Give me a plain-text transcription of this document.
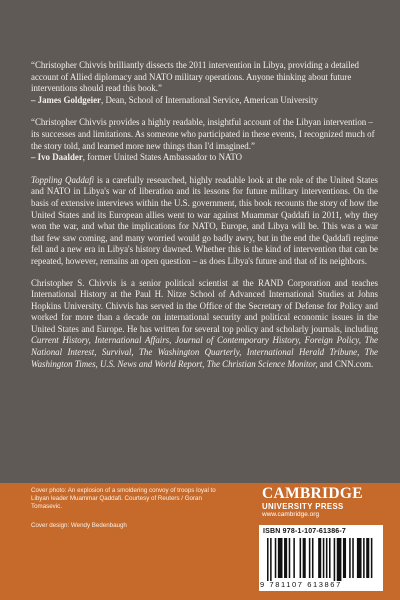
“Christopher Chivvis brilliantly dissects the 2011 intervention in Libya, providing a detailed account of Allied diplomacy and NATO military operations. Anyone thinking about future interventions should read this book.”
– James Goldgeier, Dean, School of International Service, American University

“Christopher Chivvis provides a highly readable, insightful account of the Libyan intervention – its successes and limitations. As someone who participated in these events, I recognized much of the story told, and learned more new things than I'd imagined.”
– Ivo Daalder, former United States Ambassador to NATO

Toppling Qaddafi is a carefully researched, highly readable look at the role of the United States and NATO in Libya's war of liberation and its lessons for future military interventions. On the basis of extensive interviews within the U.S. government, this book recounts the story of how the United States and its European allies went to war against Muammar Qaddafi in 2011, why they won the war, and what the implications for NATO, Europe, and Libya will be. This was a war that few saw coming, and many worried would go badly awry, but in the end the Qaddafi regime fell and a new era in Libya's history dawned. Whether this is the kind of intervention that can be repeated, however, remains an open question – as does Libya's future and that of its neighbors.

Christopher S. Chivvis is a senior political scientist at the RAND Corporation and teaches International History at the Paul H. Nitze School of Advanced International Studies at Johns Hopkins University. Chivvis has served in the Office of the Secretary of Defense for Policy and worked for more than a decade on international security and political economic issues in the United States and Europe. He has written for several top policy and scholarly journals, including Current History, International Affairs, Journal of Contemporary History, Foreign Policy, The National Interest, Survival, The Washington Quarterly, International Herald Tribune, The Washington Times, U.S. News and World Report, The Christian Science Monitor, and CNN.com.

Cover photo: An explosion of a smoldering convoy of troops loyal to Libyan leader Muammar Qaddafi. Courtesy of Reuters / Goran Tomasevic.
Cover design: Wendy Bedenbaugh
CAMBRIDGE
UNIVERSITY PRESS
www.cambridge.org
ISBN 978-1-107-61386-7
9 781107 613867
